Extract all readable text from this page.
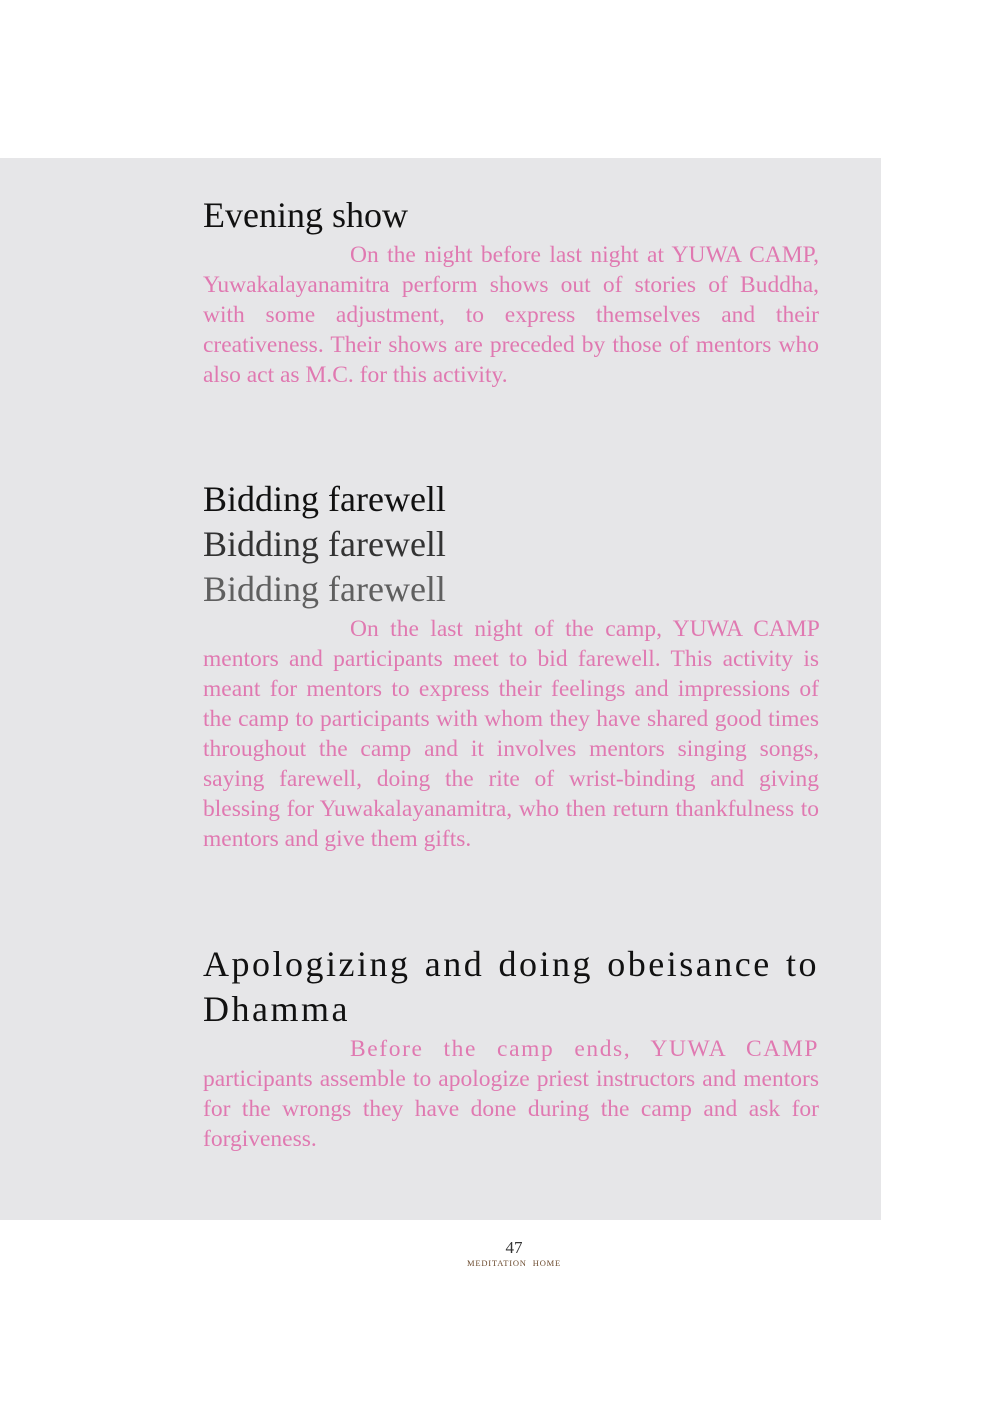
Evening show

On the night before last night at YUWA CAMP, Yuwakalayanamitra perform shows out of stories of Buddha, with some adjustment, to express themselves and their creativeness. Their shows are preceded by those of mentors who also act as M.C. for this activity.

Bidding farewell
Bidding farewell
Bidding farewell

On the last night of the camp, YUWA CAMP mentors and participants meet to bid farewell. This activity is meant for mentors to express their feelings and impressions of the camp to participants with whom they have shared good times throughout the camp and it involves mentors singing songs, saying farewell, doing the rite of wrist-binding and giving blessing for Yuwakalayanamitra, who then return thankfulness to mentors and give them gifts.

Apologizing and doing obeisance to Dhamma

Before the camp ends, YUWA CAMP participants assemble to apologize priest instructors and mentors for the wrongs they have done during the camp and ask for forgiveness.

47
MEDITATION HOME
